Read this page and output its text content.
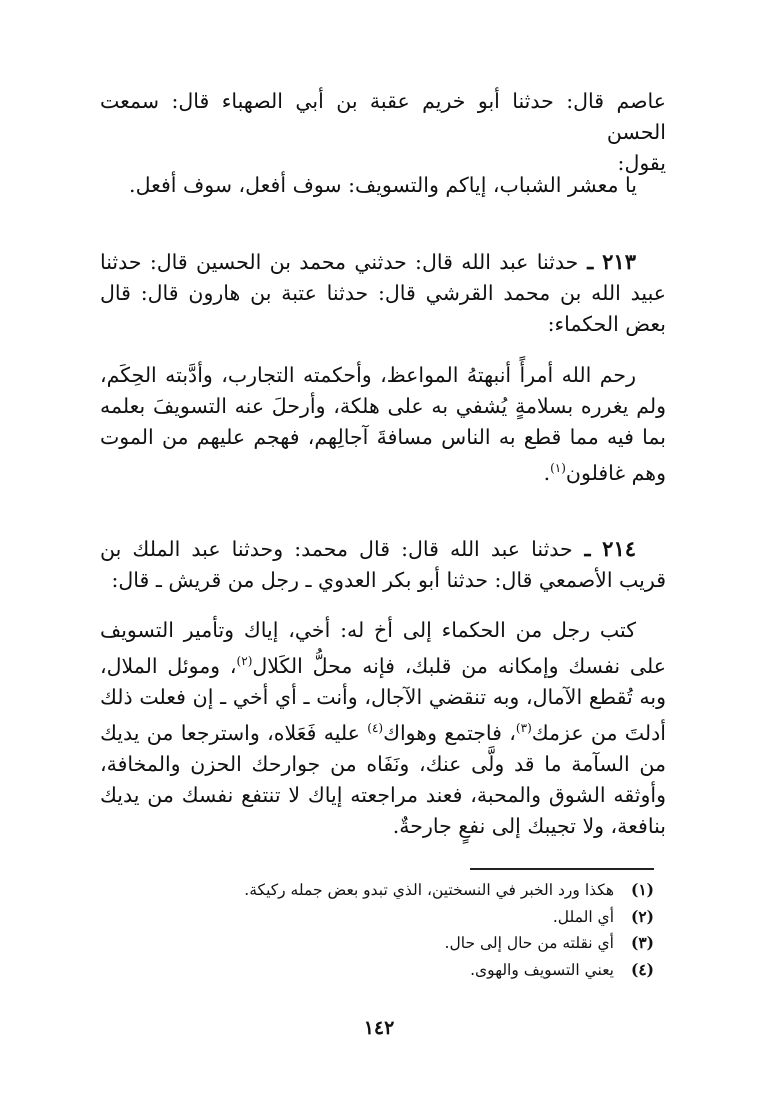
عاصم قال: حدثنا أبو خريم عقبة بن أبي الصهباء قال: سمعت الحسن
يقول:
يا معشر الشباب، إياكم والتسويف: سوف أفعل، سوف أفعل.
٢١٣ ـ حدثنا عبد الله قال: حدثني محمد بن الحسين قال: حدثنا عبيد الله بن محمد القرشي قال: حدثنا عتبة بن هارون قال: قال بعض الحكماء:
رحم الله أمرأً أنبهتهُ المواعظ، وأحكمته التجارب، وأدَّبته الحِكَم، ولم يغرره بسلامةٍ يُشفي به على هلكة، وأرحلَ عنه التسويفَ بعلمه بما فيه مما قطع به الناس مسافةَ آجالِهم، فهجم عليهم من الموت وهم غافلون$^{(١)}$.
٢١٤ ـ حدثنا عبد الله قال: قال محمد: وحدثنا عبد الملك بن قريب الأصمعي قال: حدثنا أبو بكر العدوي ـ رجل من قريش ـ قال:
كتب رجل من الحكماء إلى أخ له: أخي، إياك وتأمير التسويف على نفسك وإمكانه من قلبك، فإنه محلُّ الكَلال$^{(٢)}$، وموئل الملال، وبه تُقطع الآمال، وبه تنقضي الآجال، وأنت ـ أي أخي ـ إن فعلت ذلك أدلتَ من عزمك$^{(٣)}$، فاجتمع وهواك$^{(٤)}$ عليه فَعَلاه، واسترجعا من يديك من السآمة ما قد ولَّى عنك، ونَفَاه من جوارحك الحزن والمخافة، وأوثقه الشوق والمحبة، فعند مراجعته إياك لا تنتفع نفسك من يديك بنافعة، ولا تجيبك إلى نفعٍ جارحةٌ.
(١)هكذا ورد الخبر في النسختين، الذي تبدو بعض جمله ركيكة.
(٢)أي الملل.
(٣)أي نقلته من حال إلى حال.
(٤)يعني التسويف والهوى.
١٤٢
